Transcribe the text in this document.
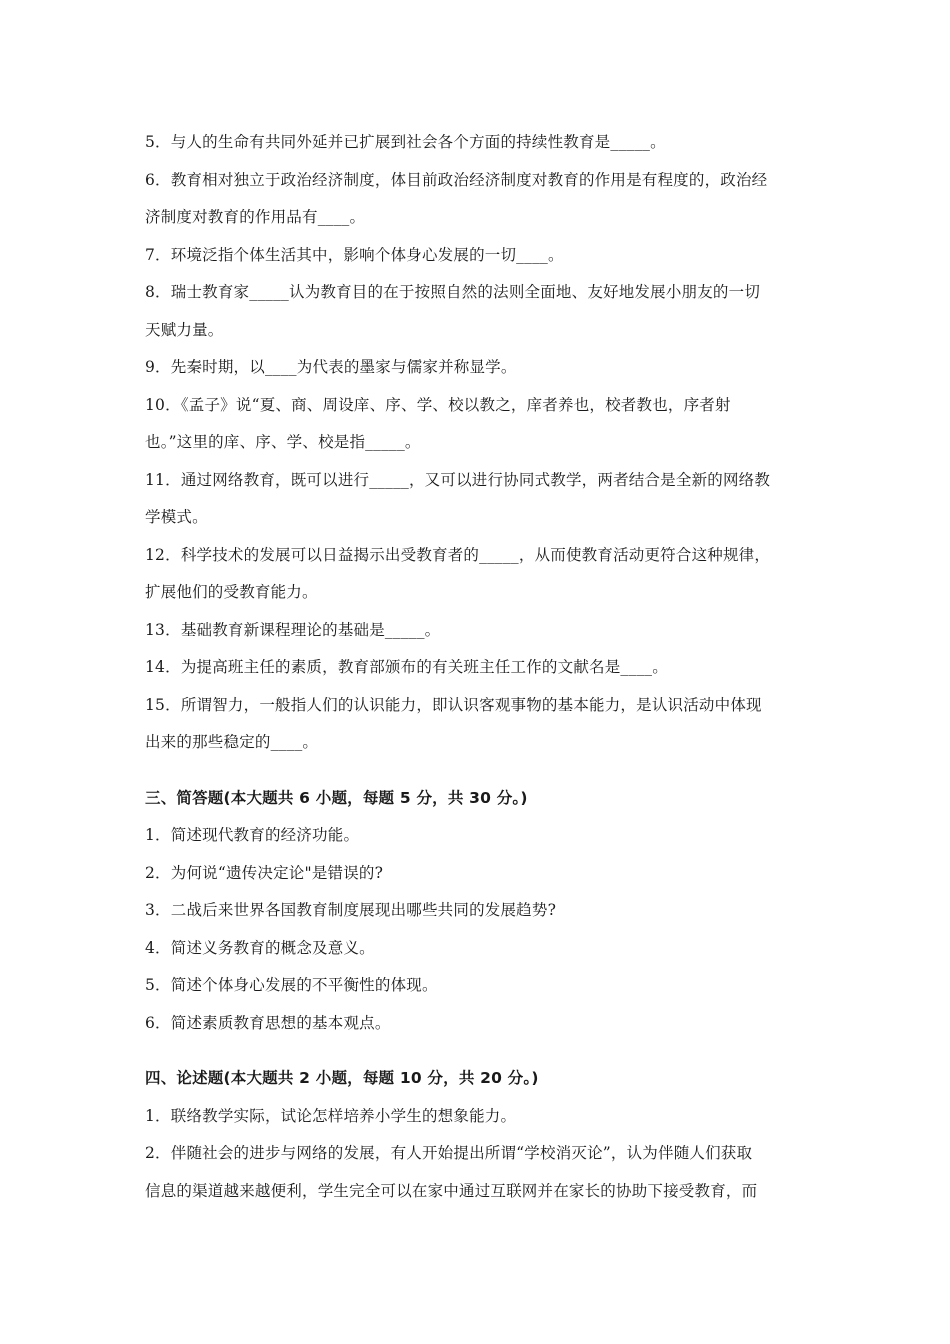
5．与人的生命有共同外延并已扩展到社会各个方面的持续性教育是_____。
6．教育相对独立于政治经济制度，体目前政治经济制度对教育的作用是有程度的，政治经
济制度对教育的作用品有____。
7．环境泛指个体生活其中，影响个体身心发展的一切____。
8．瑞士教育家_____认为教育目的在于按照自然的法则全面地、友好地发展小朋友的一切
天赋力量。
9．先秦时期，以____为代表的墨家与儒家并称显学。
10．《孟子》说“夏、商、周设庠、序、学、校以教之，庠者养也，校者教也，序者射
也。”这里的庠、序、学、校是指_____。
11．通过网络教育，既可以进行_____，又可以进行协同式教学，两者结合是全新的网络教
学模式。
12．科学技术的发展可以日益揭示出受教育者的_____，从而使教育活动更符合这种规律，
扩展他们的受教育能力。
13．基础教育新课程理论的基础是_____。
14．为提高班主任的素质，教育部颁布的有关班主任工作的文献名是____。
15．所谓智力，一般指人们的认识能力，即认识客观事物的基本能力，是认识活动中体现
出来的那些稳定的____。
三、简答题(本大题共 6 小题，每题 5 分，共 30 分。)
1．简述现代教育的经济功能。
2．为何说“遗传决定论"是错误的?
3．二战后来世界各国教育制度展现出哪些共同的发展趋势?
4．简述义务教育的概念及意义。
5．简述个体身心发展的不平衡性的体现。
6．简述素质教育思想的基本观点。
四、论述题(本大题共 2 小题，每题 10 分，共 20 分。)
1．联络教学实际，试论怎样培养小学生的想象能力。
2．伴随社会的进步与网络的发展，有人开始提出所谓“学校消灭论”，认为伴随人们获取
信息的渠道越来越便利，学生完全可以在家中通过互联网并在家长的协助下接受教育，而
